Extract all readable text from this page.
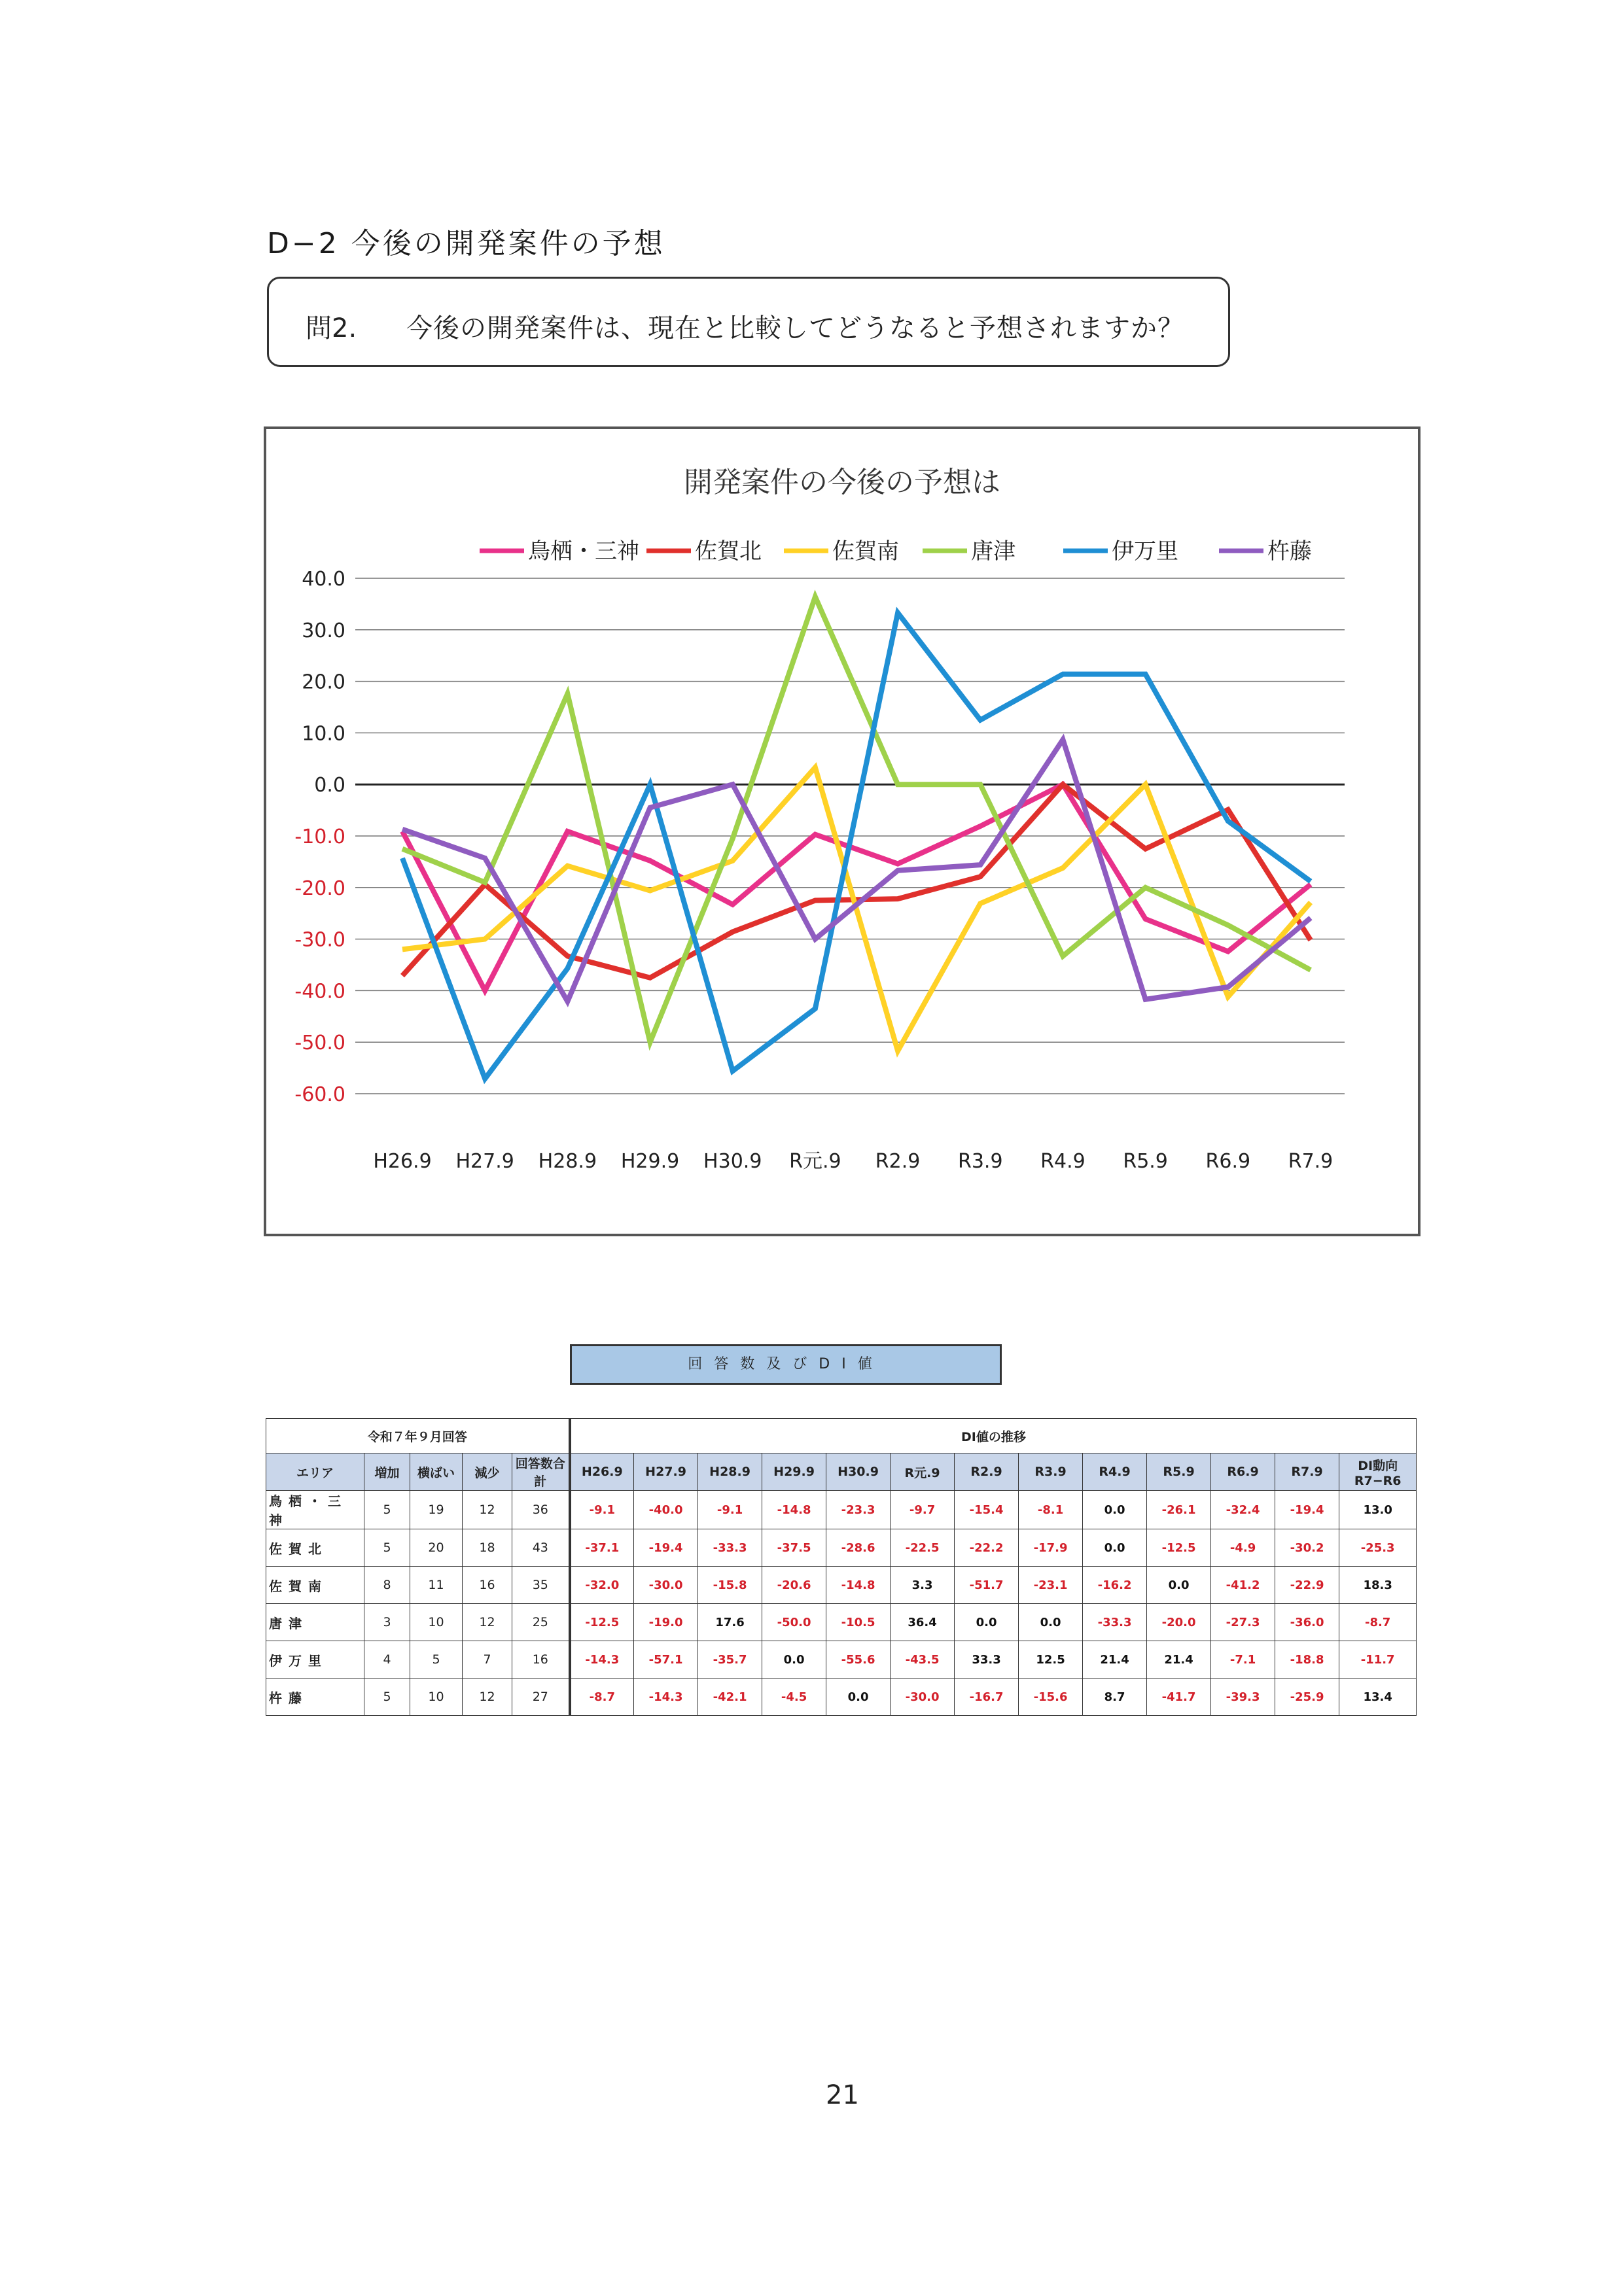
D−2 今後の開発案件の予想
問2. 今後の開発案件は、現在と比較してどうなると予想されますか？
開発案件の今後の予想は
鳥栖・三神	佐賀北	佐賀南	唐津	伊万里	杵藤
40.0
30.0
20.0
10.0
0.0
-10.0
-20.0
-30.0
-40.0
-50.0
-60.0
H26.9 H27.9 H28.9 H29.9 H30.9 R元.9 R2.9 R3.9 R4.9 R5.9 R6.9 R7.9
回答数及びDI値
令和７年９月回答					DI値の推移												
エリア	増加	横ばい	減少	回答数合計	H26.9	H27.9	H28.9	H29.9	H30.9	R元.9	R2.9	R3.9	R4.9	R5.9	R6.9	R7.9	DI動向 R7−R6
鳥栖・三神	5	19	12	36	-9.1	-40.0	-9.1	-14.8	-23.3	-9.7	-15.4	-8.1	0.0	-26.1	-32.4	-19.4	13.0
佐賀北	5	20	18	43	-37.1	-19.4	-33.3	-37.5	-28.6	-22.5	-22.2	-17.9	0.0	-12.5	-4.9	-30.2	-25.3
佐賀南	8	11	16	35	-32.0	-30.0	-15.8	-20.6	-14.8	3.3	-51.7	-23.1	-16.2	0.0	-41.2	-22.9	18.3
唐津	3	10	12	25	-12.5	-19.0	17.6	-50.0	-10.5	36.4	0.0	0.0	-33.3	-20.0	-27.3	-36.0	-8.7
伊万里	4	5	7	16	-14.3	-57.1	-35.7	0.0	-55.6	-43.5	33.3	12.5	21.4	21.4	-7.1	-18.8	-11.7
杵藤	5	10	12	27	-8.7	-14.3	-42.1	-4.5	0.0	-30.0	-16.7	-15.6	8.7	-41.7	-39.3	-25.9	13.4
21
